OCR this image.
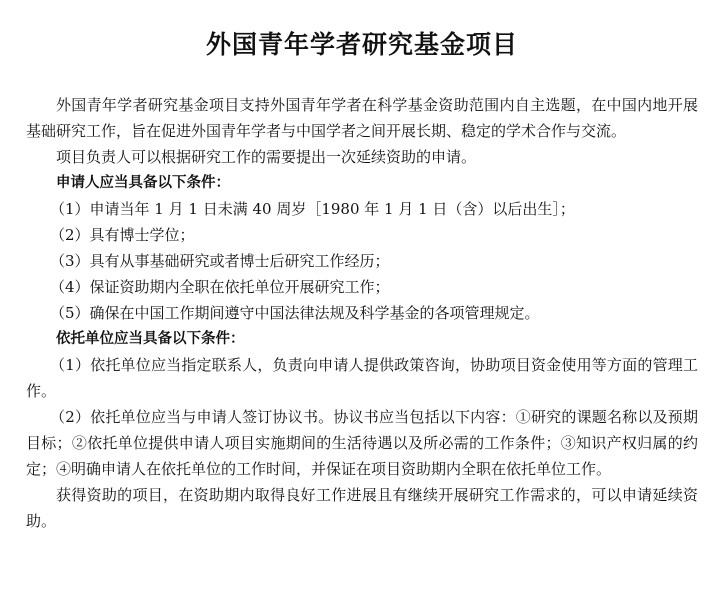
外国青年学者研究基金项目

外国青年学者研究基金项目支持外国青年学者在科学基金资助范围内自主选题，在中国内地开展基础研究工作，旨在促进外国青年学者与中国学者之间开展长期、稳定的学术合作与交流。

项目负责人可以根据研究工作的需要提出一次延续资助的申请。

申请人应当具备以下条件：

（1）申请当年 1 月 1 日未满 40 周岁［1980 年 1 月 1 日（含）以后出生］；

（2）具有博士学位；

（3）具有从事基础研究或者博士后研究工作经历；

（4）保证资助期内全职在依托单位开展研究工作；

（5）确保在中国工作期间遵守中国法律法规及科学基金的各项管理规定。

依托单位应当具备以下条件：

（1）依托单位应当指定联系人，负责向申请人提供政策咨询，协助项目资金使用等方面的管理工作。

（2）依托单位应当与申请人签订协议书。协议书应当包括以下内容：①研究的课题名称以及预期目标；②依托单位提供申请人项目实施期间的生活待遇以及所必需的工作条件；③知识产权归属的约定；④明确申请人在依托单位的工作时间，并保证在项目资助期内全职在依托单位工作。

获得资助的项目，在资助期内取得良好工作进展且有继续开展研究工作需求的，可以申请延续资助。
